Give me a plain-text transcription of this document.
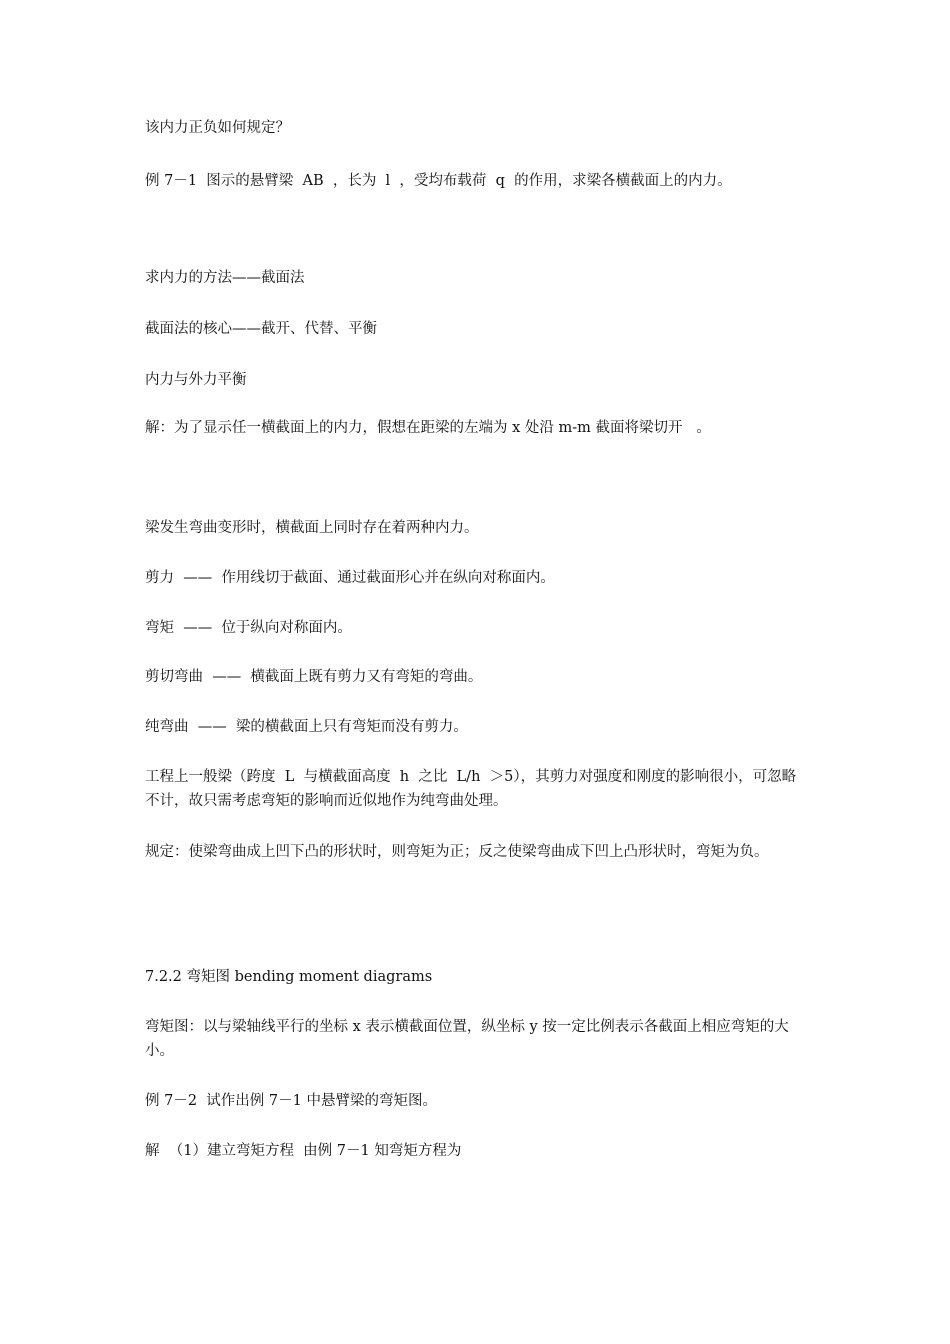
该内力正负如何规定？

例 7－1  图示的悬臂梁  AB  ，长为  l  ，受均布载荷  q  的作用，求梁各横截面上的内力。

求内力的方法——截面法

截面法的核心——截开、代替、平衡

内力与外力平衡

解：为了显示任一横截面上的内力，假想在距梁的左端为 x 处沿 m-m 截面将梁切开   。

梁发生弯曲变形时，横截面上同时存在着两种内力。

剪力  ——  作用线切于截面、通过截面形心并在纵向对称面内。

弯矩  ——  位于纵向对称面内。

剪切弯曲  ——  横截面上既有剪力又有弯矩的弯曲。

纯弯曲  ——  梁的横截面上只有弯矩而没有剪力。

工程上一般梁（跨度  L  与横截面高度  h  之比  L/h  ＞5），其剪力对强度和刚度的影响很小，可忽略不计，故只需考虑弯矩的影响而近似地作为纯弯曲处理。

规定：使梁弯曲成上凹下凸的形状时，则弯矩为正；反之使梁弯曲成下凹上凸形状时，弯矩为负。

7.2.2 弯矩图 bending moment diagrams

弯矩图：以与梁轴线平行的坐标 x 表示横截面位置，纵坐标 y 按一定比例表示各截面上相应弯矩的大小。

例 7－2  试作出例 7－1 中悬臂梁的弯矩图。

解  （1）建立弯矩方程  由例 7－1 知弯矩方程为
